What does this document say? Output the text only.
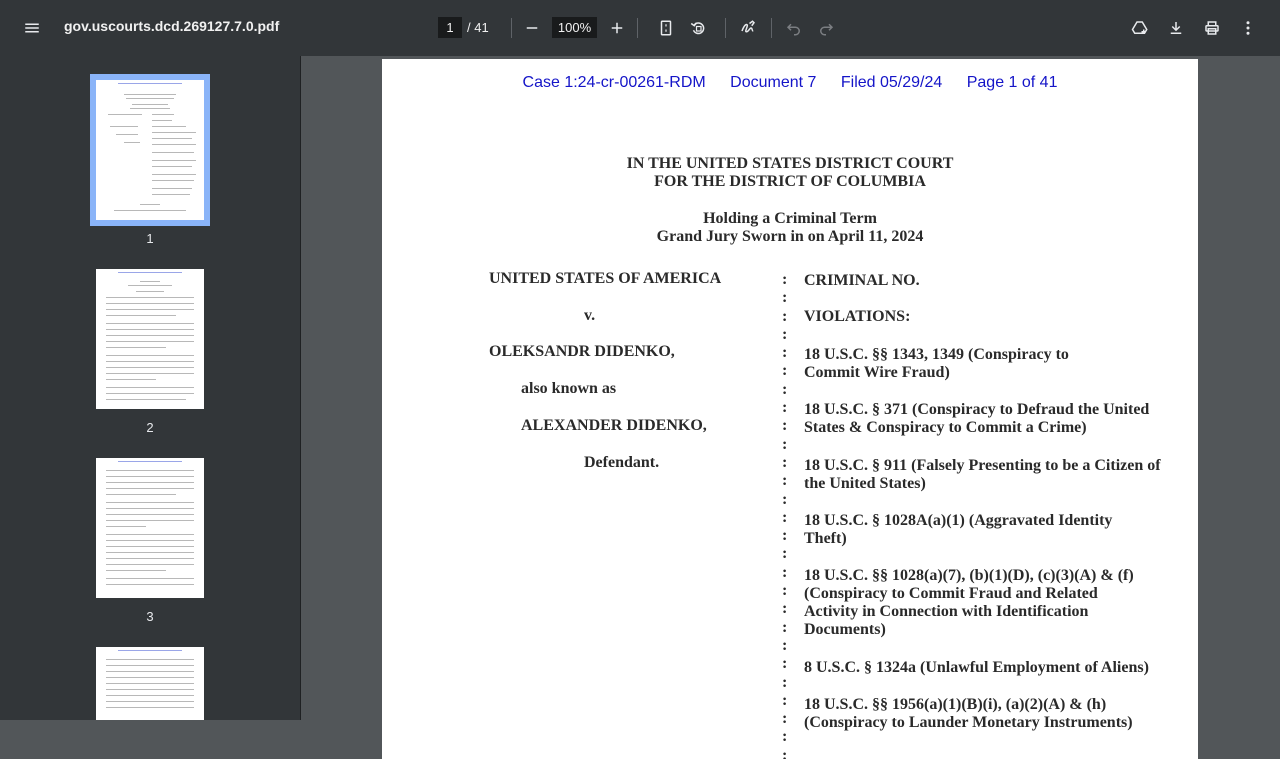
gov.uscourts.dcd.269127.7.0.pdf
1	/ 41
100%
1
2
3
Case 1:24-cr-00261-RDM Document 7 Filed 05/29/24 Page 1 of 41
IN THE UNITED STATES DISTRICT COURT
FOR THE DISTRICT OF COLUMBIA
Holding a Criminal Term
Grand Jury Sworn in on April 11, 2024
UNITED STATES OF AMERICA
v.
OLEKSANDR DIDENKO,
also known as
ALEXANDER DIDENKO,
Defendant.
:
:
:
:
:
:
:
:
:
:
:
:
:
:
:
:
:
:
:
:
:
:
:
:
:
:
:
CRIMINAL NO.
VIOLATIONS:
18 U.S.C. §§ 1343, 1349 (Conspiracy to Commit Wire Fraud)
18 U.S.C. § 371 (Conspiracy to Defraud the United States & Conspiracy to Commit a Crime)
18 U.S.C. § 911 (Falsely Presenting to be a Citizen of the United States)
18 U.S.C. § 1028A(a)(1) (Aggravated Identity Theft)
18 U.S.C. §§ 1028(a)(7), (b)(1)(D), (c)(3)(A) & (f) (Conspiracy to Commit Fraud and Related Activity in Connection with Identification Documents)
8 U.S.C. § 1324a (Unlawful Employment of Aliens)
18 U.S.C. §§ 1956(a)(1)(B)(i), (a)(2)(A) & (h) (Conspiracy to Launder Monetary Instruments)
